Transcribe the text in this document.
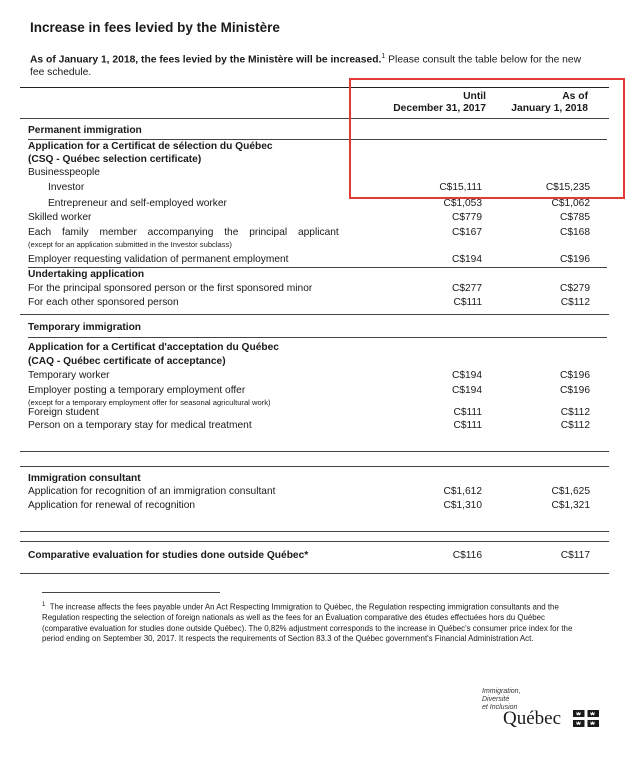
Increase in fees levied by the Ministère
As of January 1, 2018, the fees levied by the Ministère will be increased.$^1$ Please consult the table below for the new fee schedule.
Until
December 31, 2017
As of
January 1, 2018
Permanent immigration
Application for a Certificat de sélection du Québec
(CSQ - Québec selection certificate)
Businesspeople
Investor	C$15,111	C$15,235
Entrepreneur and self-employed worker	C$1,053	C$1,062
Skilled worker	C$779	C$785
Each family member accompanying the principal applicant	C$167	C$168
(except for an application submitted in the Investor subclass)
Employer requesting validation of permanent employment	C$194	C$196
Undertaking application
For the principal sponsored person or the first sponsored minor	C$277	C$279
For each other sponsored person	C$111	C$112
Temporary immigration
Application for a Certificat d'acceptation du Québec
(CAQ - Québec certificate of acceptance)
Temporary worker	C$194	C$196
Employer posting a temporary employment offer	C$194	C$196
(except for a temporary employment offer for seasonal agricultural work)
Foreign student	C$111	C$112
Person on a temporary stay for medical treatment	C$111	C$112
Immigration consultant
Application for recognition of an immigration consultant	C$1,612	C$1,625
Application for renewal of recognition	C$1,310	C$1,321
Comparative evaluation for studies done outside Québec*	C$116	C$117
$^1$ The increase affects the fees payable under An Act Respecting Immigration to Québec, the Regulation respecting immigration consultants and the Regulation respecting the selection of foreign nationals as well as the fees for an Évaluation comparative des études effectuées hors du Québec (comparative evaluation for studies done outside Québec). The 0,82% adjustment corresponds to the increase in Québec's consumer price index for the period ending on September 30, 2017. It respects the requirements of Section 83.3 of the Québec government's Financial Administration Act.
Immigration,
Diversité
et Inclusion
Québec
